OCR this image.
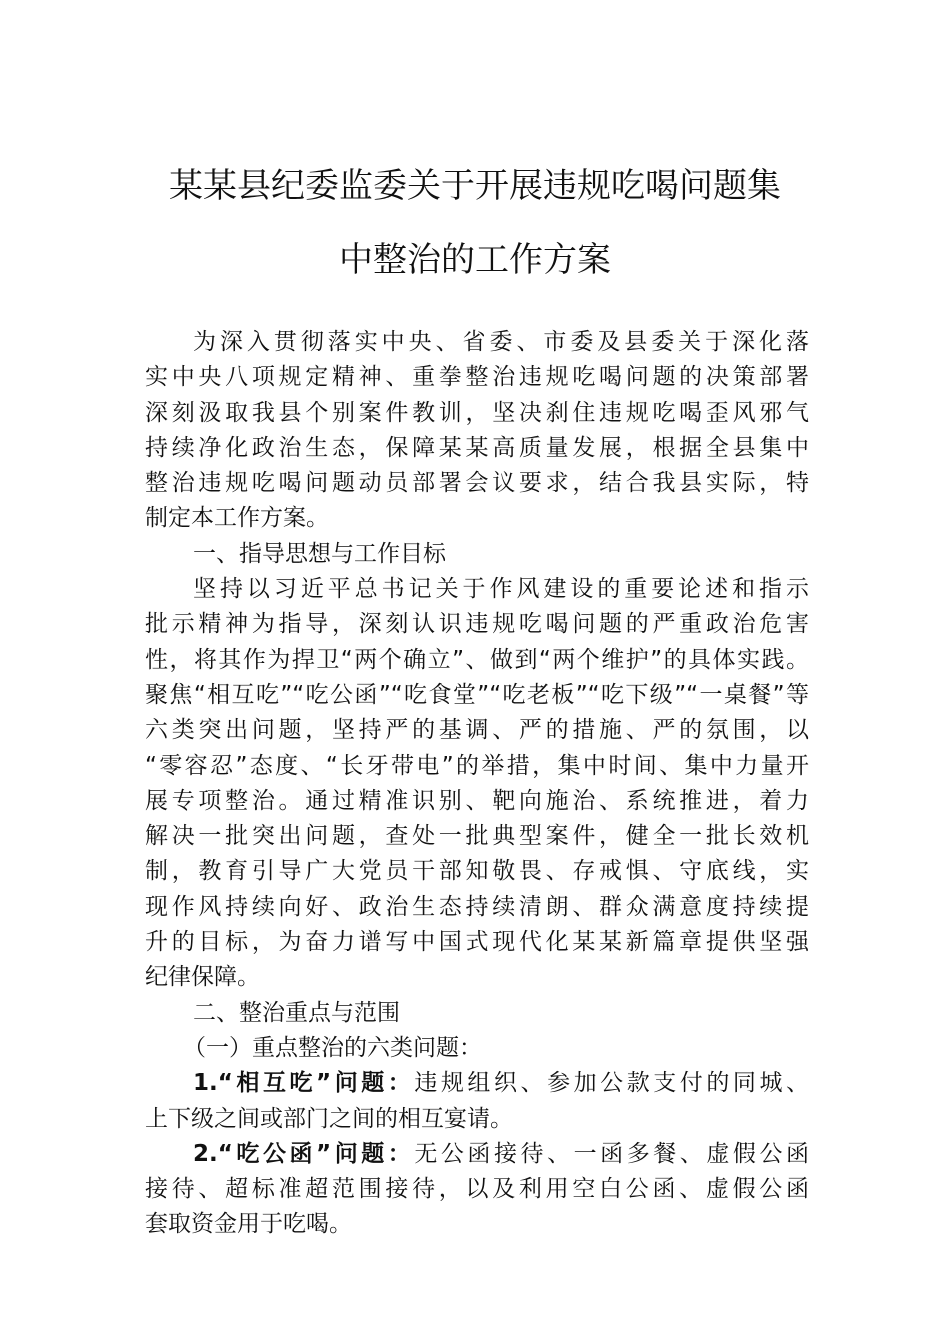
某某县纪委监委关于开展违规吃喝问题集
中整治的工作方案
为深入贯彻落实中央、省委、市委及县委关于深化落
实中央八项规定精神、重拳整治违规吃喝问题的决策部署
深刻汲取我县个别案件教训，坚决刹住违规吃喝歪风邪气
持续净化政治生态，保障某某高质量发展，根据全县集中
整治违规吃喝问题动员部署会议要求，结合我县实际，特
制定本工作方案。
一、指导思想与工作目标
坚持以习近平总书记关于作风建设的重要论述和指示
批示精神为指导，深刻认识违规吃喝问题的严重政治危害
性，将其作为捍卫“两个确立”、做到“两个维护”的具体实践。
聚焦“相互吃”“吃公函”“吃食堂”“吃老板”“吃下级”“一桌餐”等
六类突出问题，坚持严的基调、严的措施、严的氛围，以
“零容忍”态度、“长牙带电”的举措，集中时间、集中力量开
展专项整治。通过精准识别、靶向施治、系统推进，着力
解决一批突出问题，查处一批典型案件，健全一批长效机
制，教育引导广大党员干部知敬畏、存戒惧、守底线，实
现作风持续向好、政治生态持续清朗、群众满意度持续提
升的目标，为奋力谱写中国式现代化某某新篇章提供坚强
纪律保障。
二、整治重点与范围
（一）重点整治的六类问题：
1.“相互吃”问题：违规组织、参加公款支付的同城、
上下级之间或部门之间的相互宴请。
2.“吃公函”问题：无公函接待、一函多餐、虚假公函
接待、超标准超范围接待，以及利用空白公函、虚假公函
套取资金用于吃喝。
